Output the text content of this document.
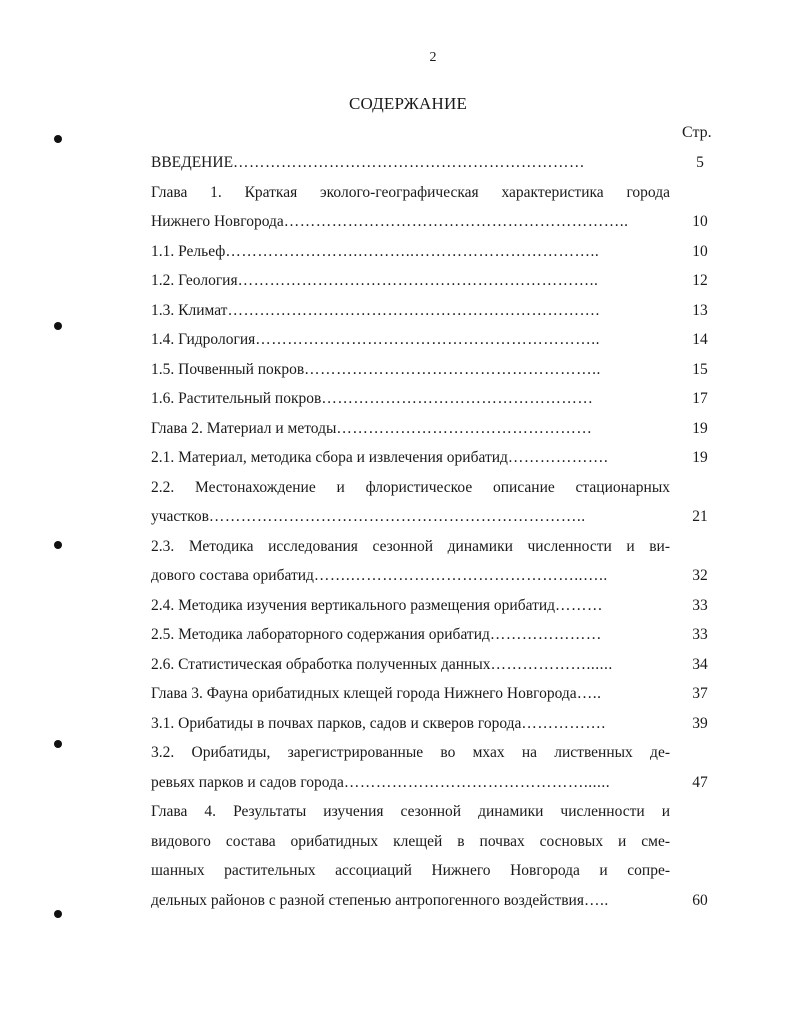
2
СОДЕРЖАНИЕ
Стр.
ВВЕДЕНИЕ …………………………………………………………	5
Глава 1. Краткая эколого-географическая характеристика города
Нижнего Новгорода ………………………………………………………..	10
1.1. Рельеф …………………….………..……………………………..	10
1.2. Геология …………………………………………………………..	12
1.3. Климат …………………………………………………………….	13
1.4. Гидрология ………………………………………………………..	14
1.5. Почвенный покров ………………………………………………..	15
1.6. Растительный покров ……………………………………………	17
Глава 2. Материал и методы …………………………………………	19
2.1. Материал, методика сбора и извлечения орибатид ……………….	19
2.2. Местонахождение и флористическое описание стационарных
участков ……………………………………………………………..	21
2.3. Методика исследования сезонной динамики численности и ви-
дового состава орибатид …….……………………………………..…..	32
2.4. Методика изучения вертикального размещения орибатид ………	33
2.5. Методика лабораторного содержания орибатид …………………	33
2.6. Статистическая обработка полученных данных ………………......	34
Глава 3. Фауна орибатидных клещей города Нижнего Новгорода …..	37
3.1. Орибатиды в почвах парков, садов и скверов города …………….	39
3.2. Орибатиды, зарегистрированные во мхах на лиственных де-
ревьях парков и садов города ………………………………………......	47
Глава 4. Результаты изучения сезонной динамики численности и
видового состава орибатидных клещей в почвах сосновых и сме-
шанных растительных ассоциаций Нижнего Новгорода и сопре-
дельных районов с разной степенью антропогенного воздействия …..	60
